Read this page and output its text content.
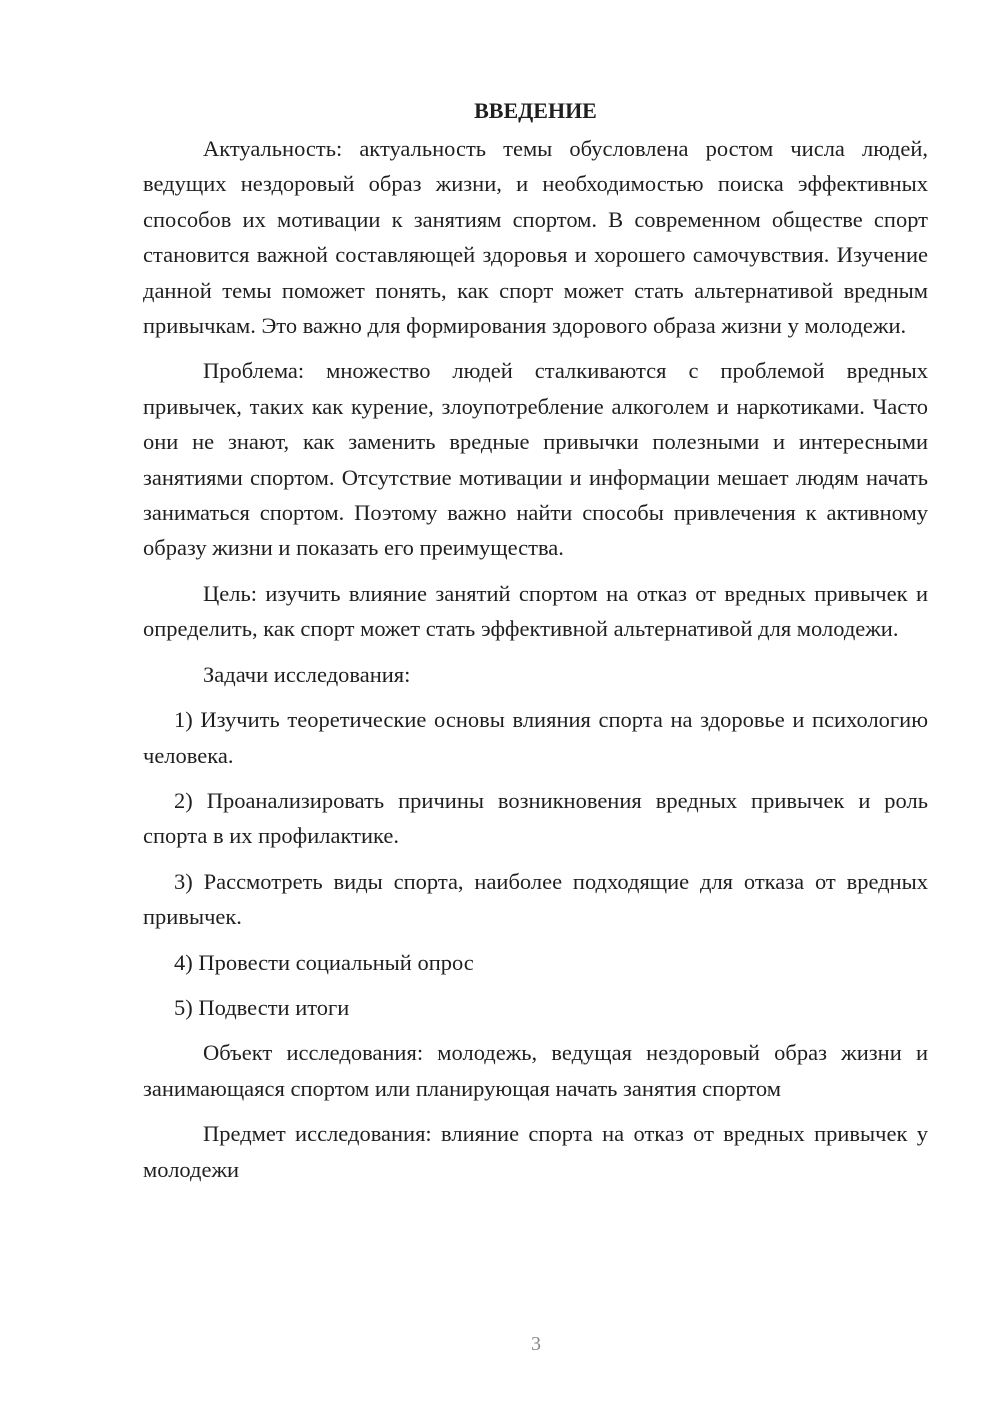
ВВЕДЕНИЕ

Актуальность: актуальность темы обусловлена ростом числа людей, ведущих нездоровый образ жизни, и необходимостью поиска эффективных способов их мотивации к занятиям спортом. В современном обществе спорт становится важной составляющей здоровья и хорошего самочувствия. Изучение данной темы поможет понять, как спорт может стать альтернативой вредным привычкам. Это важно для формирования здорового образа жизни у молодежи.

Проблема: множество людей сталкиваются с проблемой вредных привычек, таких как курение, злоупотребление алкоголем и наркотиками. Часто они не знают, как заменить вредные привычки полезными и интересными занятиями спортом. Отсутствие мотивации и информации мешает людям начать заниматься спортом. Поэтому важно найти способы привлечения к активному образу жизни и показать его преимущества.

Цель: изучить влияние занятий спортом на отказ от вредных привычек и определить, как спорт может стать эффективной альтернативой для молодежи.

Задачи исследования:

1) Изучить теоретические основы влияния спорта на здоровье и психологию человека.

2) Проанализировать причины возникновения вредных привычек и роль спорта в их профилактике.

3) Рассмотреть виды спорта, наиболее подходящие для отказа от вредных привычек.

4) Провести социальный опрос

5) Подвести итоги

Объект исследования: молодежь, ведущая нездоровый образ жизни и занимающаяся спортом или планирующая начать занятия спортом

Предмет исследования: влияние спорта на отказ от вредных привычек у молодежи

3
